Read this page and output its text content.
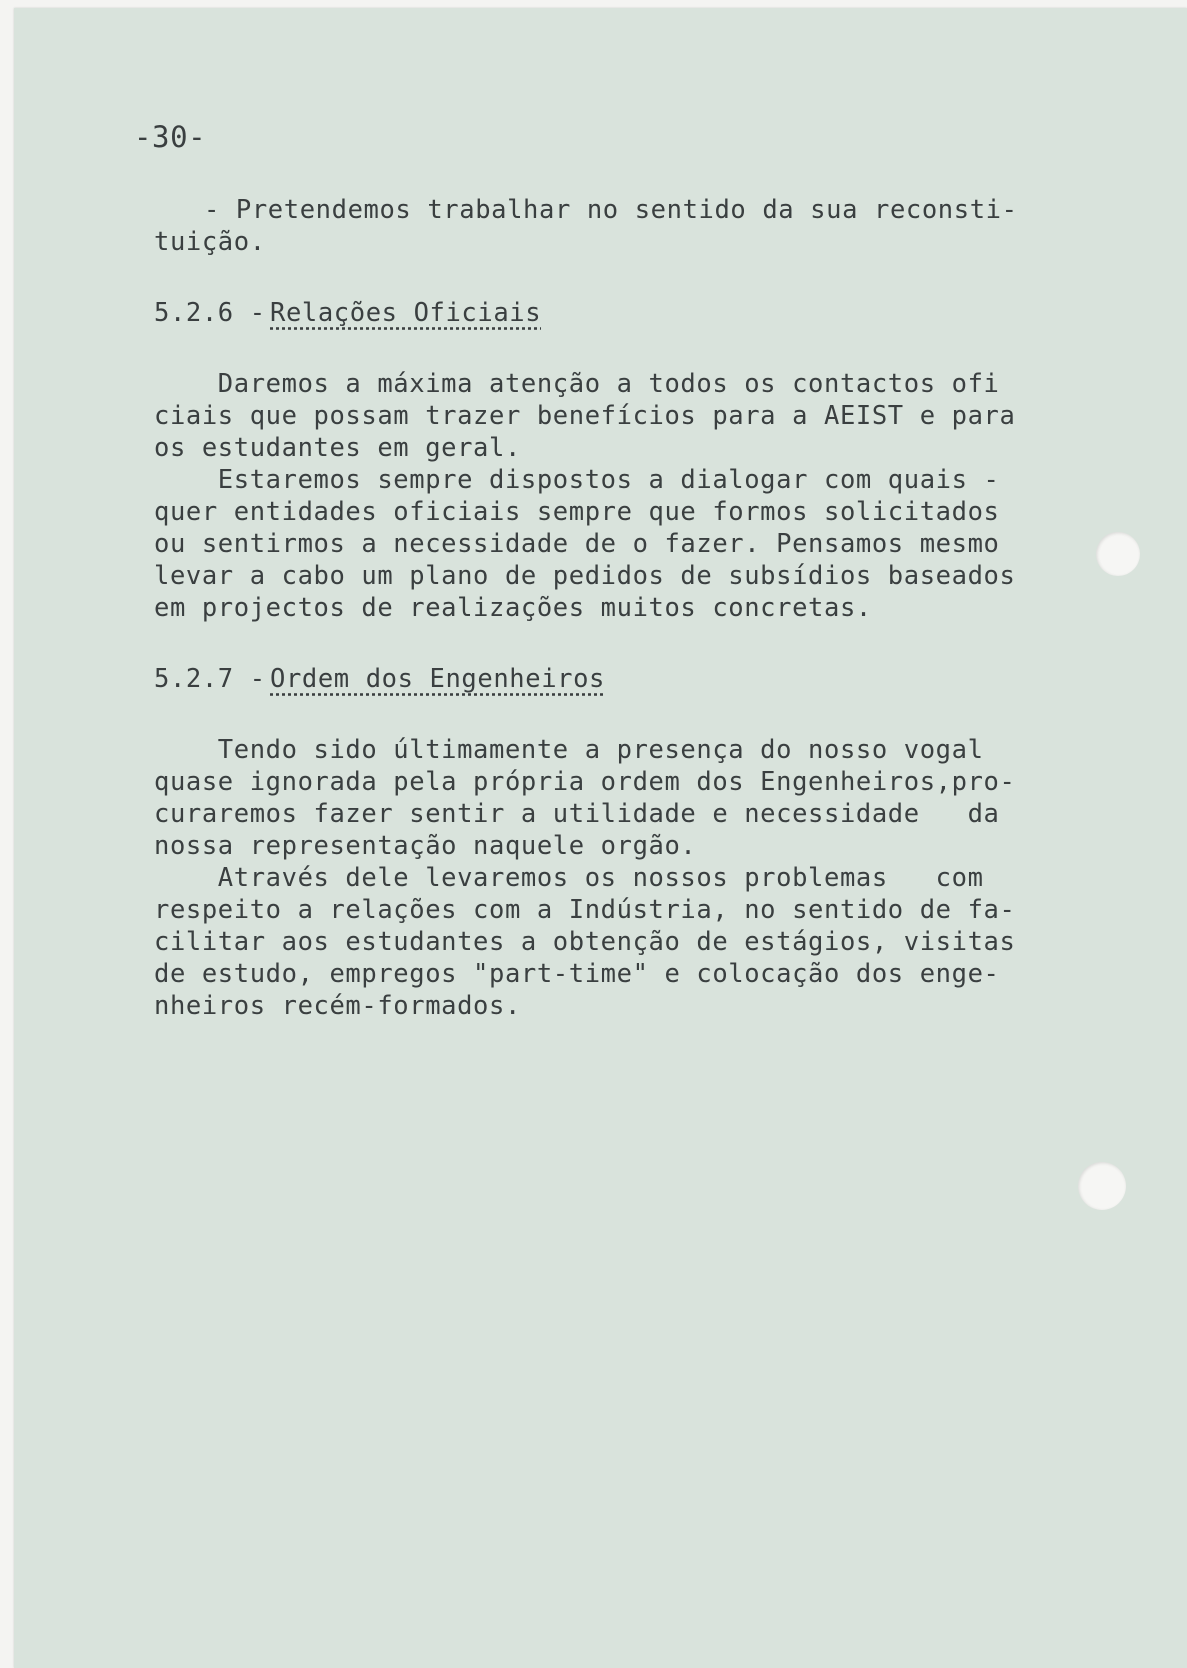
-30-
- Pretendemos trabalhar no sentido da sua reconsti-
tuição.
5.2.6 - Relações Oficiais
Daremos a máxima atenção a todos os contactos ofi
ciais que possam trazer benefícios para a AEIST e para
os estudantes em geral.
Estaremos sempre dispostos a dialogar com quais -
quer entidades oficiais sempre que formos solicitados
ou sentirmos a necessidade de o fazer. Pensamos mesmo
levar a cabo um plano de pedidos de subsídios baseados
em projectos de realizações muitos concretas.
5.2.7 - Ordem dos Engenheiros
Tendo sido últimamente a presença do nosso vogal
quase ignorada pela própria ordem dos Engenheiros,pro-
curaremos fazer sentir a utilidade e necessidade   da
nossa representação naquele orgão.
Através dele levaremos os nossos problemas   com
respeito a relações com a Indústria, no sentido de fa-
cilitar aos estudantes a obtenção de estágios, visitas
de estudo, empregos "part-time" e colocação dos enge-
nheiros recém-formados.
